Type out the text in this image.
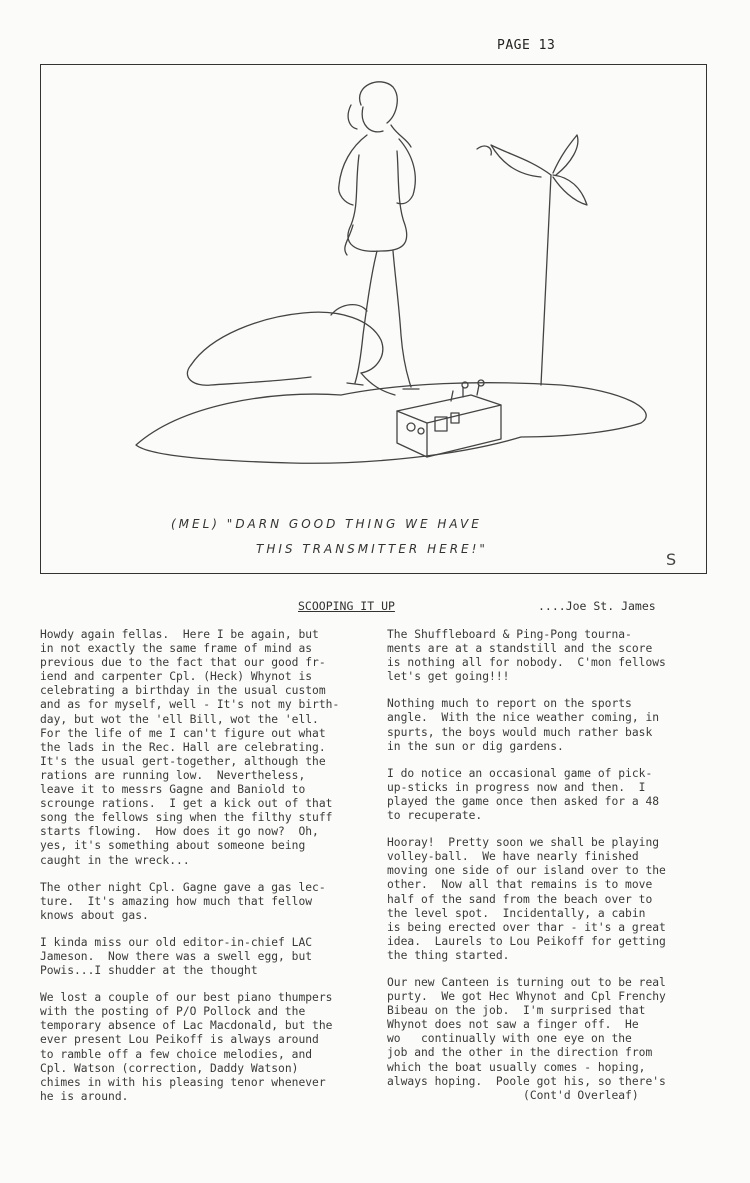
PAGE 13
(MEL) "DARN GOOD THING WE HAVE
THIS TRANSMITTER HERE!"
S
SCOOPING IT UP	....Joe St. James

Howdy again fellas.  Here I be again, but
in not exactly the same frame of mind as
previous due to the fact that our good fr-
iend and carpenter Cpl. (Heck) Whynot is
celebrating a birthday in the usual custom
and as for myself, well - It's not my birth-
day, but wot the 'ell Bill, wot the 'ell.
For the life of me I can't figure out what
the lads in the Rec. Hall are celebrating.
It's the usual gert-together, although the
rations are running low.  Nevertheless,
leave it to messrs Gagne and Baniold to
scrounge rations.  I get a kick out of that
song the fellows sing when the filthy stuff
starts flowing.  How does it go now?  Oh,
yes, it's something about someone being
caught in the wreck...

The other night Cpl. Gagne gave a gas lec-
ture.  It's amazing how much that fellow
knows about gas.

I kinda miss our old editor-in-chief LAC
Jameson.  Now there was a swell egg, but
Powis...I shudder at the thought

We lost a couple of our best piano thumpers
with the posting of P/O Pollock and the
temporary absence of Lac Macdonald, but the
ever present Lou Peikoff is always around
to ramble off a few choice melodies, and
Cpl. Watson (correction, Daddy Watson)
chimes in with his pleasing tenor whenever
he is around.

The Shuffleboard & Ping-Pong tourna-
ments are at a standstill and the score
is nothing all for nobody.  C'mon fellows
let's get going!!!

Nothing much to report on the sports
angle.  With the nice weather coming, in
spurts, the boys would much rather bask
in the sun or dig gardens.

I do notice an occasional game of pick-
up-sticks in progress now and then.  I
played the game once then asked for a 48
to recuperate.

Hooray!  Pretty soon we shall be playing
volley-ball.  We have nearly finished
moving one side of our island over to the
other.  Now all that remains is to move
half of the sand from the beach over to
the level spot.  Incidentally, a cabin
is being erected over thar - it's a great
idea.  Laurels to Lou Peikoff for getting
the thing started.

Our new Canteen is turning out to be real
purty.  We got Hec Whynot and Cpl Frenchy
Bibeau on the job.  I'm surprised that
Whynot does not saw a finger off.  He
wo   continually with one eye on the
job and the other in the direction from
which the boat usually comes - hoping,
always hoping.  Poole got his, so there's
(Cont'd Overleaf)
